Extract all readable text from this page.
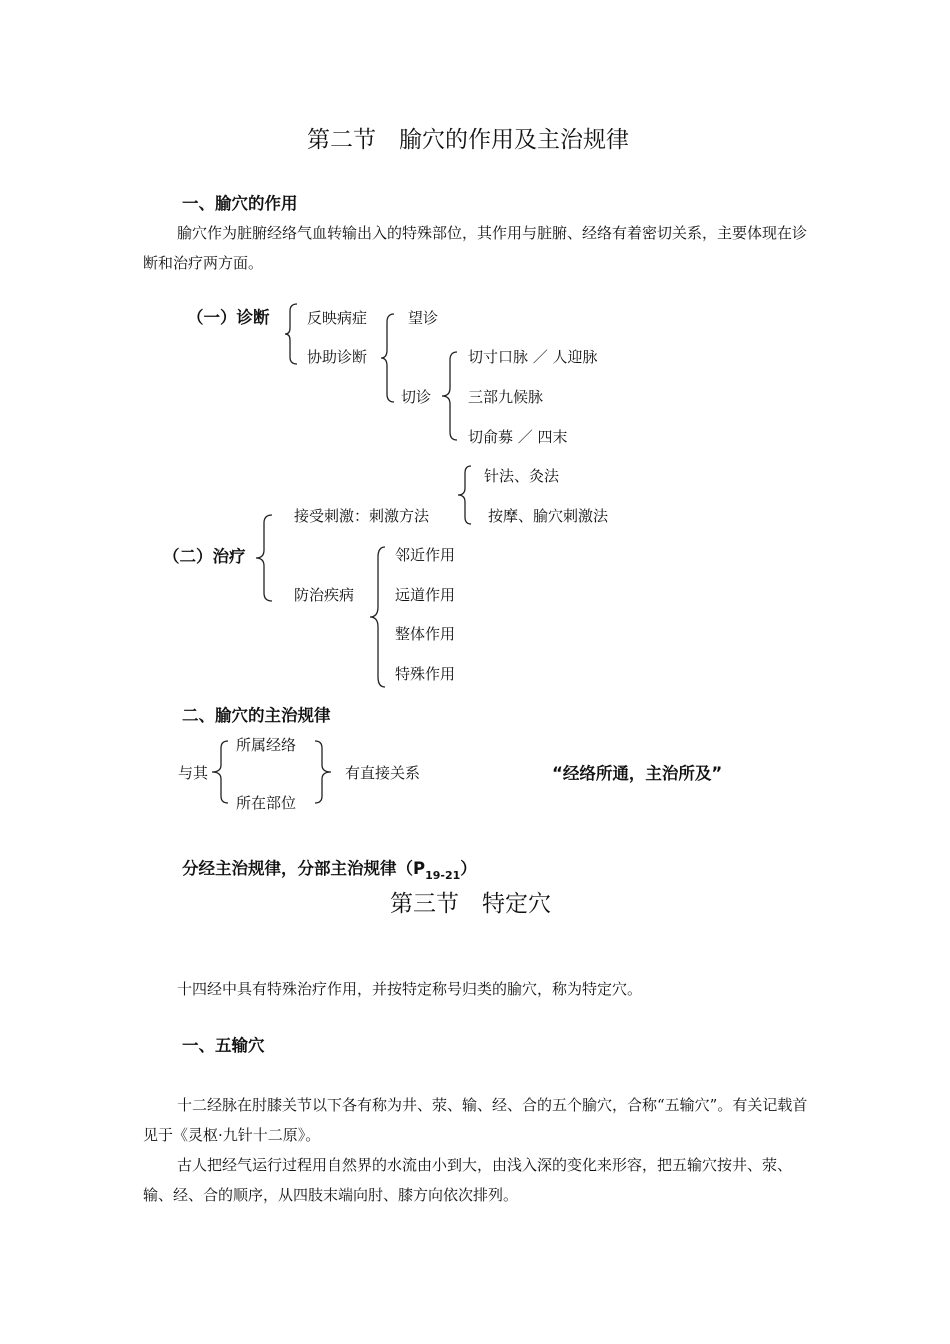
第二节　腧穴的作用及主治规律
一、腧穴的作用
腧穴作为脏腑经络气血转输出入的特殊部位，其作用与脏腑、经络有着密切关系，主要体现在诊断和治疗两方面。
（一）诊断	反映病症
协助诊断
望诊
切诊
切寸口脉 ／ 人迎脉
三部九候脉
切俞募 ／ 四末
针法、灸法
接受刺激：刺激方法	按摩、腧穴刺激法
（二）治疗
防治疾病
邻近作用
远道作用
整体作用
特殊作用
二、腧穴的主治规律
与其
所属经络
所在部位
有直接关系	“经络所通，主治所及”
分经主治规律，分部主治规律$(P_{19-21})$
第三节　特定穴
十四经中具有特殊治疗作用，并按特定称号归类的腧穴，称为特定穴。
一、五输穴
十二经脉在肘膝关节以下各有称为井、荥、输、经、合的五个腧穴，合称“五输穴”。有关记载首见于《灵枢·九针十二原》。
古人把经气运行过程用自然界的水流由小到大，由浅入深的变化来形容，把五输穴按井、荥、输、经、合的顺序，从四肢末端向肘、膝方向依次排列。
